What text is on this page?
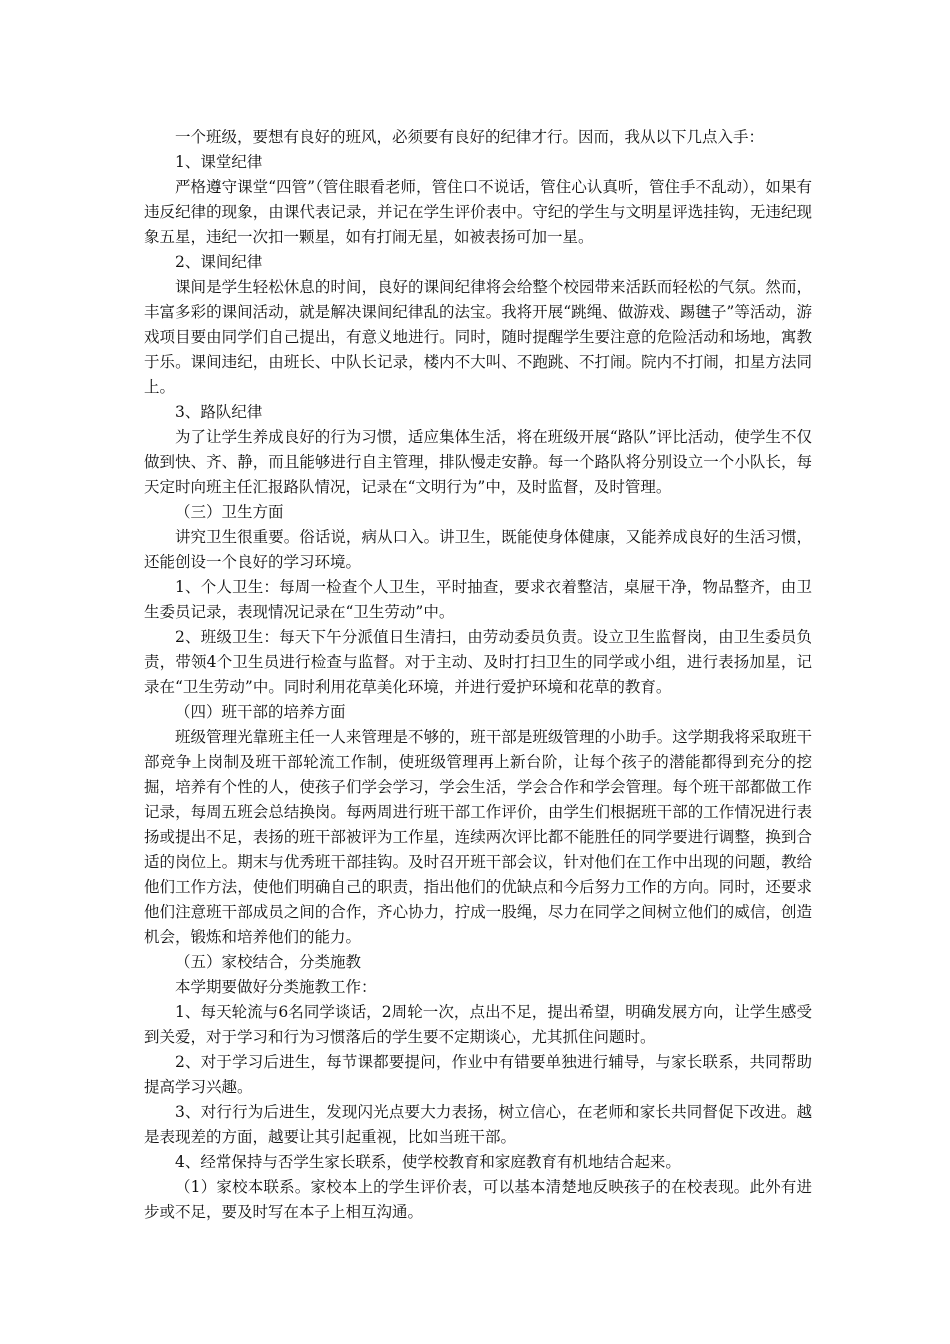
一个班级，要想有良好的班风，必须要有良好的纪律才行。因而，我从以下几点入手：

1、课堂纪律

严格遵守课堂“四管”（管住眼看老师，管住口不说话，管住心认真听，管住手不乱动），如果有违反纪律的现象，由课代表记录，并记在学生评价表中。守纪的学生与文明星评选挂钩，无违纪现象五星，违纪一次扣一颗星，如有打闹无星，如被表扬可加一星。

2、课间纪律

课间是学生轻松休息的时间，良好的课间纪律将会给整个校园带来活跃而轻松的气氛。然而，丰富多彩的课间活动，就是解决课间纪律乱的法宝。我将开展“跳绳、做游戏、踢毽子”等活动，游戏项目要由同学们自己提出，有意义地进行。同时，随时提醒学生要注意的危险活动和场地，寓教于乐。课间违纪，由班长、中队长记录，楼内不大叫、不跑跳、不打闹。院内不打闹，扣星方法同上。

3、路队纪律

为了让学生养成良好的行为习惯，适应集体生活，将在班级开展“路队”评比活动，使学生不仅做到快、齐、静，而且能够进行自主管理，排队慢走安静。每一个路队将分别设立一个小队长，每天定时向班主任汇报路队情况，记录在“文明行为”中，及时监督，及时管理。

（三）卫生方面

讲究卫生很重要。俗话说，病从口入。讲卫生，既能使身体健康，又能养成良好的生活习惯，还能创设一个良好的学习环境。

1、个人卫生：每周一检查个人卫生，平时抽查，要求衣着整洁，桌屉干净，物品整齐，由卫生委员记录，表现情况记录在“卫生劳动”中。

2、班级卫生：每天下午分派值日生清扫，由劳动委员负责。设立卫生监督岗，由卫生委员负责，带领4个卫生员进行检查与监督。对于主动、及时打扫卫生的同学或小组，进行表扬加星，记录在“卫生劳动”中。同时利用花草美化环境，并进行爱护环境和花草的教育。

（四）班干部的培养方面

班级管理光靠班主任一人来管理是不够的，班干部是班级管理的小助手。这学期我将采取班干部竞争上岗制及班干部轮流工作制，使班级管理再上新台阶，让每个孩子的潜能都得到充分的挖掘，培养有个性的人，使孩子们学会学习，学会生活，学会合作和学会管理。每个班干部都做工作记录，每周五班会总结换岗。每两周进行班干部工作评价，由学生们根据班干部的工作情况进行表扬或提出不足，表扬的班干部被评为工作星，连续两次评比都不能胜任的同学要进行调整，换到合适的岗位上。期末与优秀班干部挂钩。及时召开班干部会议，针对他们在工作中出现的问题，教给他们工作方法，使他们明确自己的职责，指出他们的优缺点和今后努力工作的方向。同时，还要求他们注意班干部成员之间的合作，齐心协力，拧成一股绳，尽力在同学之间树立他们的威信，创造机会，锻炼和培养他们的能力。

（五）家校结合，分类施教

本学期要做好分类施教工作：

1、每天轮流与6名同学谈话，2周轮一次，点出不足，提出希望，明确发展方向，让学生感受到关爱，对于学习和行为习惯落后的学生要不定期谈心，尤其抓住问题时。

2、对于学习后进生，每节课都要提问，作业中有错要单独进行辅导，与家长联系，共同帮助提高学习兴趣。

3、对行行为后进生，发现闪光点要大力表扬，树立信心，在老师和家长共同督促下改进。越是表现差的方面，越要让其引起重视，比如当班干部。

4、经常保持与否学生家长联系，使学校教育和家庭教育有机地结合起来。

（1）家校本联系。家校本上的学生评价表，可以基本清楚地反映孩子的在校表现。此外有进步或不足，要及时写在本子上相互沟通。
